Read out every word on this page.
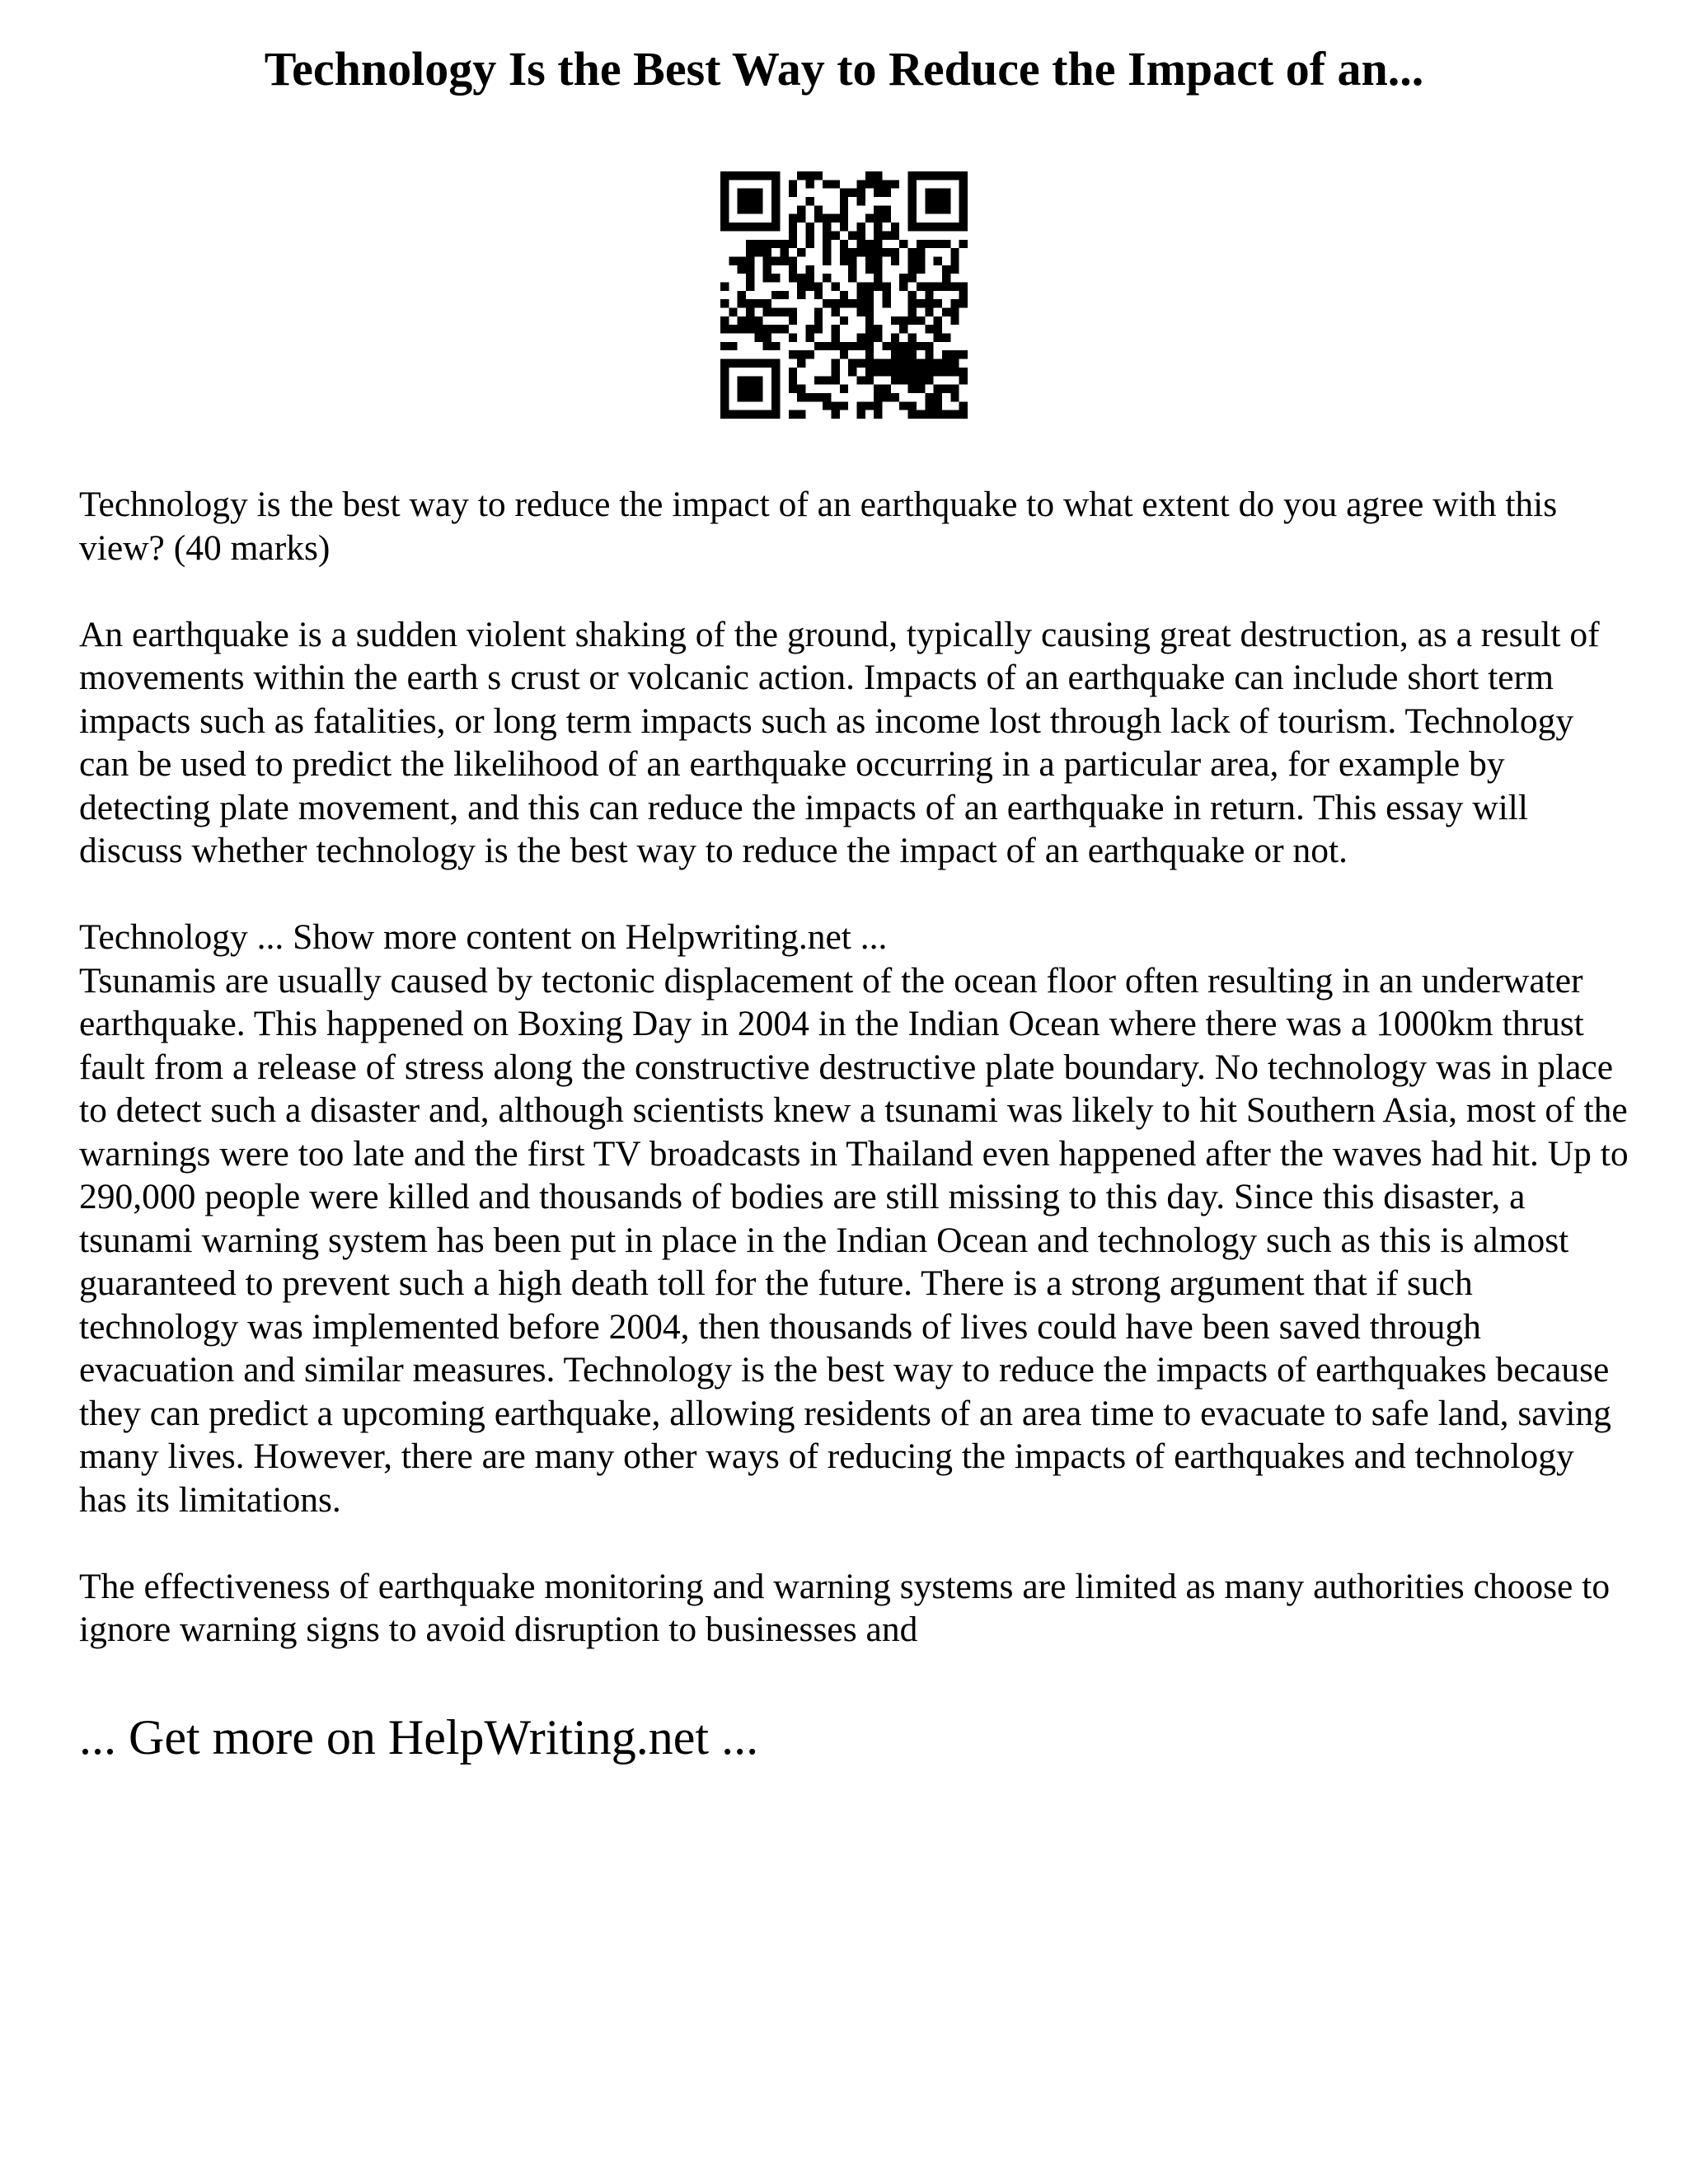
Technology Is the Best Way to Reduce the Impact of an...

Technology is the best way to reduce the impact of an earthquake to what extent do you agree with this view? (40 marks)

An earthquake is a sudden violent shaking of the ground, typically causing great destruction, as a result of movements within the earth s crust or volcanic action. Impacts of an earthquake can include short term impacts such as fatalities, or long term impacts such as income lost through lack of tourism. Technology can be used to predict the likelihood of an earthquake occurring in a particular area, for example by detecting plate movement, and this can reduce the impacts of an earthquake in return. This essay will discuss whether technology is the best way to reduce the impact of an earthquake or not.

Technology ... Show more content on Helpwriting.net ...

Tsunamis are usually caused by tectonic displacement of the ocean floor often resulting in an underwater earthquake. This happened on Boxing Day in 2004 in the Indian Ocean where there was a 1000km thrust fault from a release of stress along the constructive destructive plate boundary. No technology was in place to detect such a disaster and, although scientists knew a tsunami was likely to hit Southern Asia, most of the warnings were too late and the first TV broadcasts in Thailand even happened after the waves had hit. Up to 290,000 people were killed and thousands of bodies are still missing to this day. Since this disaster, a tsunami warning system has been put in place in the Indian Ocean and technology such as this is almost guaranteed to prevent such a high death toll for the future. There is a strong argument that if such technology was implemented before 2004, then thousands of lives could have been saved through evacuation and similar measures. Technology is the best way to reduce the impacts of earthquakes because they can predict a upcoming earthquake, allowing residents of an area time to evacuate to safe land, saving many lives. However, there are many other ways of reducing the impacts of earthquakes and technology has its limitations.

The effectiveness of earthquake monitoring and warning systems are limited as many authorities choose to ignore warning signs to avoid disruption to businesses and

... Get more on HelpWriting.net ...
